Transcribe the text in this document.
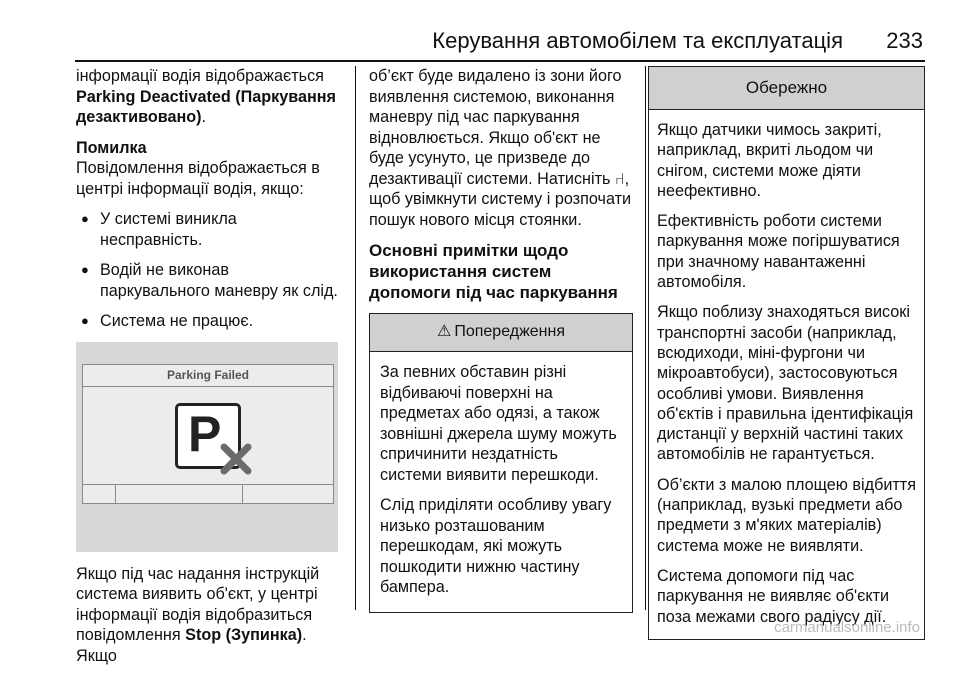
Керування автомобілем та експлуатація 233

інформації водія відображається Parking Deactivated (Паркування дезактивовано).

Помилка
Повідомлення відображається в центрі інформації водія, якщо:

● У системі виникла несправність.
● Водій не виконав паркувального маневру як слід.
● Система не працює.
Parking Failed
P

Якщо під час надання інструкцій система виявить об'єкт, у центрі інформації водія відобразиться повідомлення Stop (Зупинка). Якщо

об’єкт буде видалено із зони його виявлення системою, виконання маневру під час паркування відновлюється. Якщо об'єкт не буде усунуто, це призведе до дезактивації системи. Натисніть ⑁, щоб увімкнути систему і розпочати пошук нового місця стоянки.

Основні примітки щодо використання систем допомоги під час паркування
⚠ Попередження

За певних обставин різні відбиваючі поверхні на предметах або одязі, а також зовнішні джерела шуму можуть спричинити нездатність системи виявити перешкоди.

Слід приділяти особливу увагу низько розташованим перешкодам, які можуть пошкодити нижню частину бампера.

Обережно

Якщо датчики чимось закриті, наприклад, вкриті льодом чи снігом, системи може діяти неефективно.

Ефективність роботи системи паркування може погіршуватися при значному навантаженні автомобіля.

Якщо поблизу знаходяться високі транспортні засоби (наприклад, всюдиходи, міні-фургони чи мікроавтобуси), застосовуються особливі умови. Виявлення об'єктів і правильна ідентифікація дистанції у верхній частині таких автомобілів не гарантується.

Об’єкти з малою площею відбиття (наприклад, вузькі предмети або предмети з м'яких матеріалів) система може не виявляти.

Система допомоги під час паркування не виявляє об'єкти поза межами свого радіусу дії.

carmanualsonline.info
